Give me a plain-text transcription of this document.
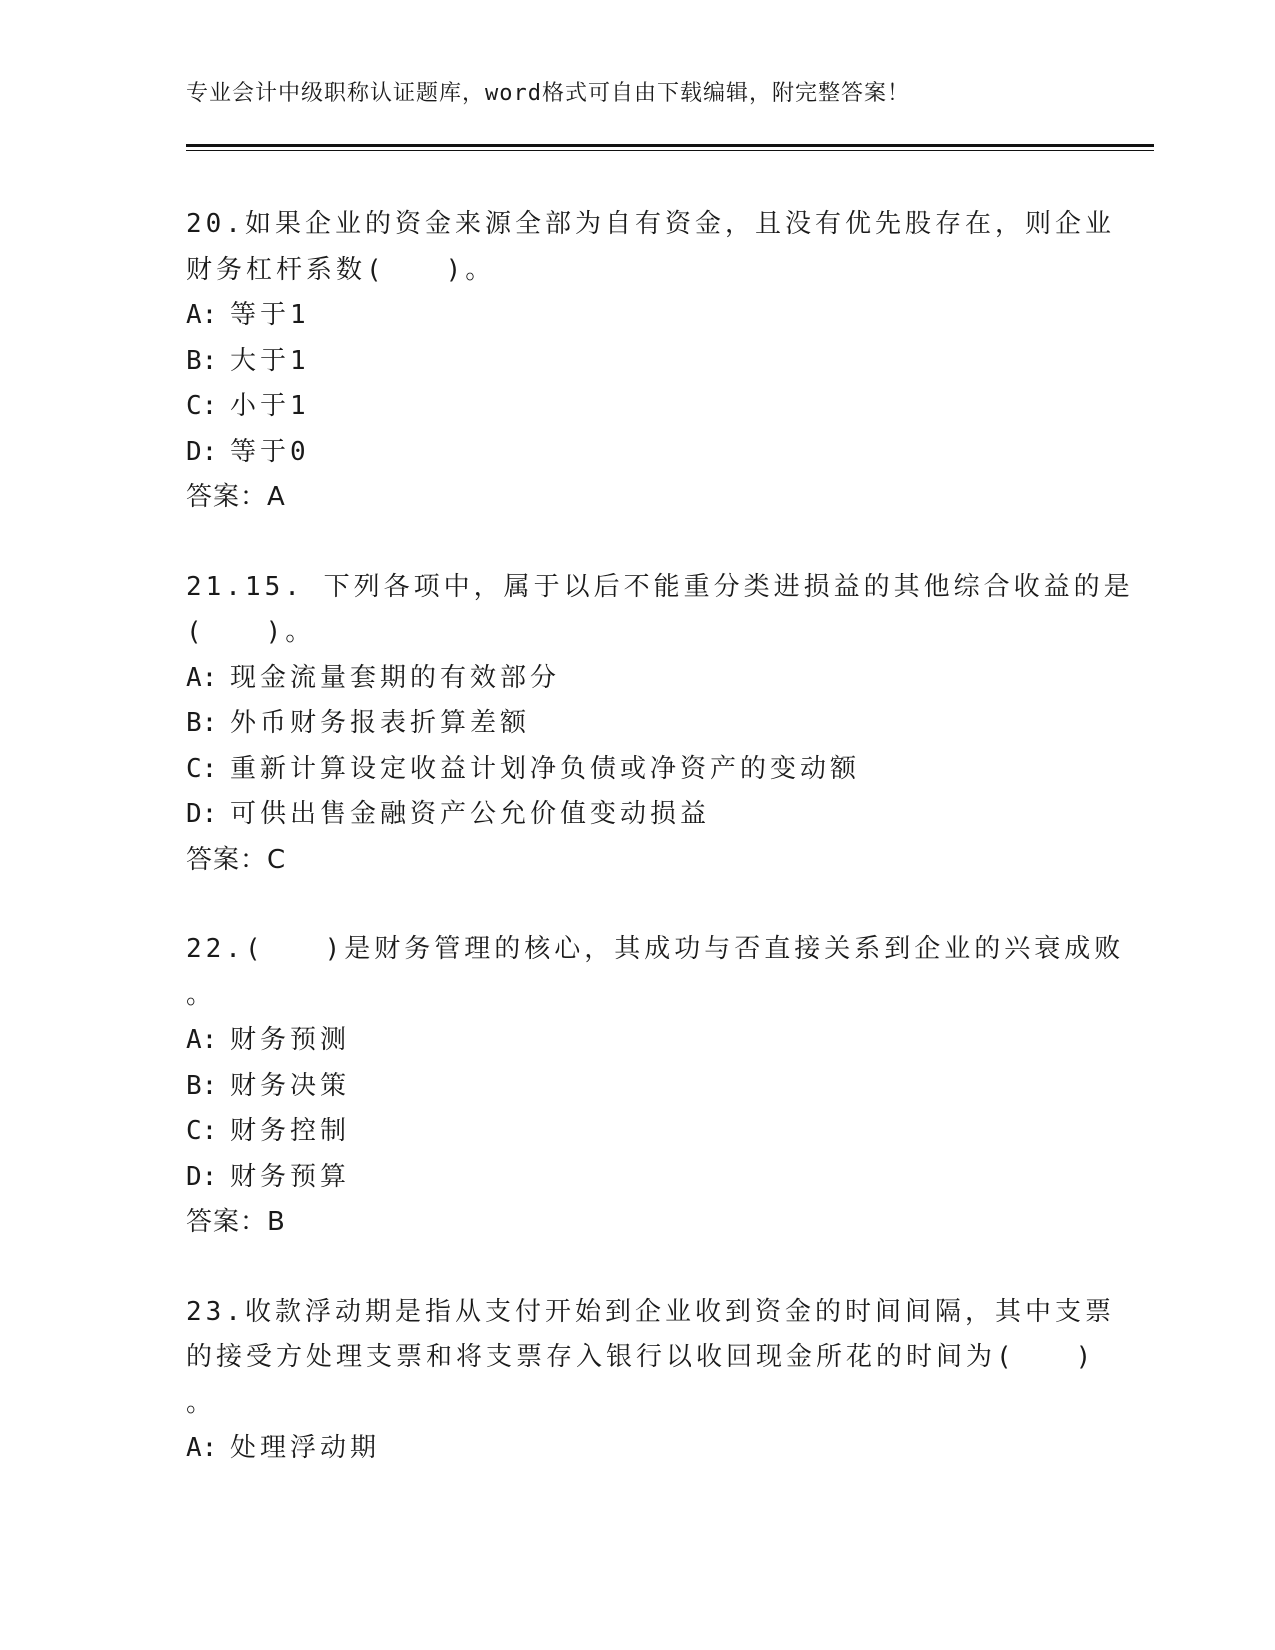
专业会计中级职称认证题库，word格式可自由下载编辑，附完整答案！
20.如果企业的资金来源全部为自有资金，且没有优先股存在，则企业
财务杠杆系数(　　)。
A: 等于1
B: 大于1
C: 小于1
D: 等于0
答案：A
21.15. 下列各项中，属于以后不能重分类进损益的其他综合收益的是
(　　)。
A: 现金流量套期的有效部分
B: 外币财务报表折算差额
C: 重新计算设定收益计划净负债或净资产的变动额
D: 可供出售金融资产公允价值变动损益
答案：C
22.(　　)是财务管理的核心，其成功与否直接关系到企业的兴衰成败
。
A: 财务预测
B: 财务决策
C: 财务控制
D: 财务预算
答案：B
23.收款浮动期是指从支付开始到企业收到资金的时间间隔，其中支票
的接受方处理支票和将支票存入银行以收回现金所花的时间为(　　)
。
A: 处理浮动期
